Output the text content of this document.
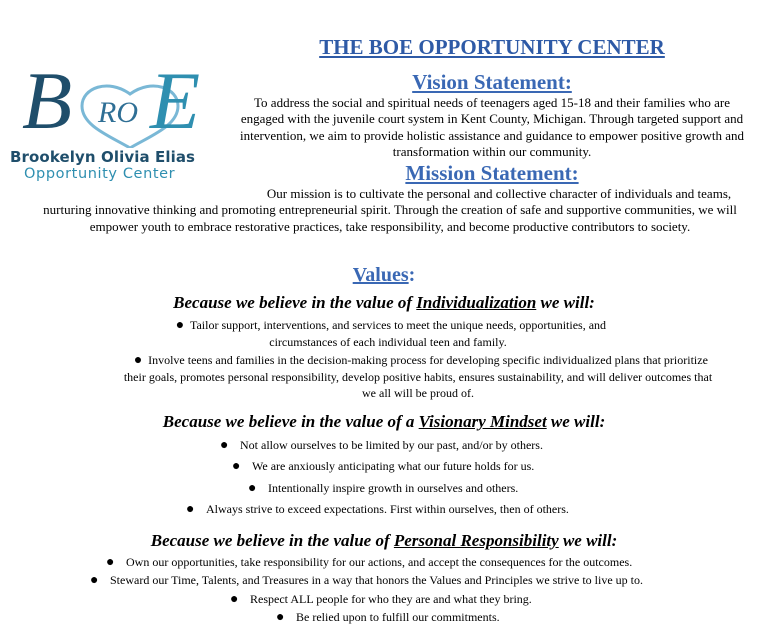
B RO E
Brookelyn Olivia Elias
Opportunity Center
THE BOE OPPORTUNITY CENTER
Vision Statement:
To address the social and spiritual needs of teenagers aged 15-18 and their families who are engaged with the juvenile court system in Kent County, Michigan. Through targeted support and intervention, we aim to provide holistic assistance and guidance to empower positive growth and transformation within our community.
Mission Statement:
Our mission is to cultivate the personal and collective character of individuals and teams, nurturing innovative thinking and promoting entrepreneurial spirit. Through the creation of safe and supportive communities, we will empower youth to embrace restorative practices, take responsibility, and become productive contributors to society.
Values:
Because we believe in the value of Individualization we will:
● Tailor support, interventions, and services to meet the unique needs, opportunities, and circumstances of each individual teen and family.
● Involve teens and families in the decision-making process for developing specific individualized plans that prioritize their goals, promotes personal responsibility, develop positive habits, ensures sustainability, and will deliver outcomes that we all will be proud of.
Because we believe in the value of a Visionary Mindset we will:
● Not allow ourselves to be limited by our past, and/or by others.
● We are anxiously anticipating what our future holds for us.
● Intentionally inspire growth in ourselves and others.
● Always strive to exceed expectations. First within ourselves, then of others.
Because we believe in the value of Personal Responsibility we will:
● Own our opportunities, take responsibility for our actions, and accept the consequences for the outcomes.
● Steward our Time, Talents, and Treasures in a way that honors the Values and Principles we strive to live up to.
● Respect ALL people for who they are and what they bring.
● Be relied upon to fulfill our commitments.
